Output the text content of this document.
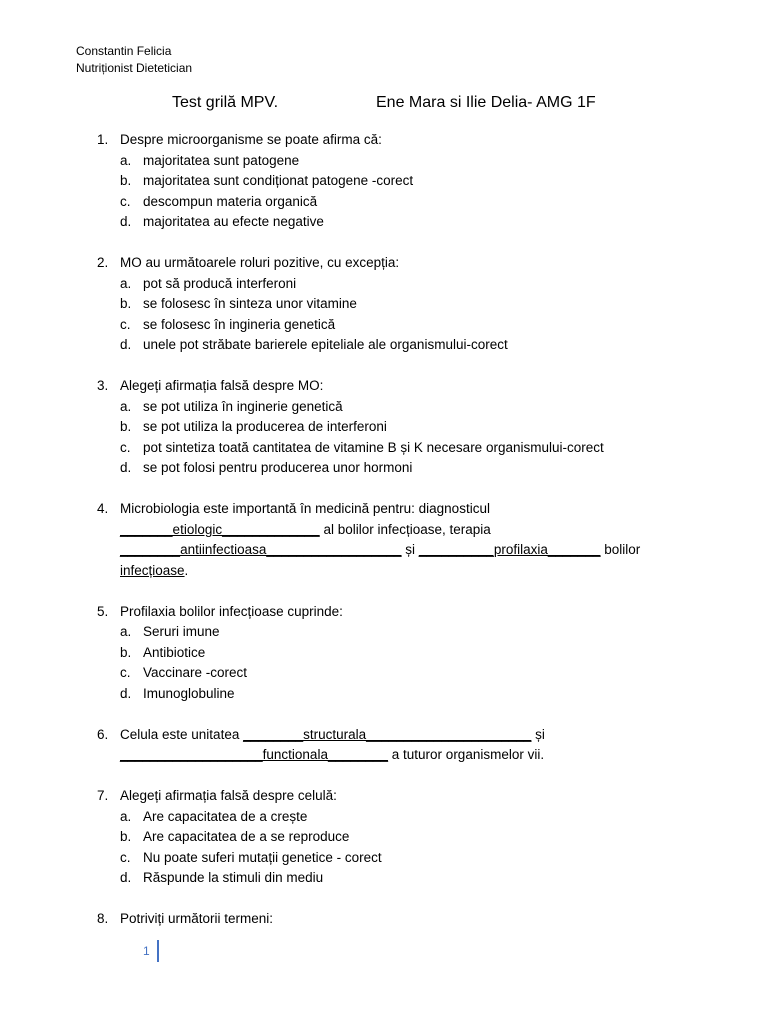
Constantin Felicia
Nutriționist Dietetician
Test grilă MPV.	Ene Mara si Ilie Delia- AMG 1F
1. Despre microorganisme se poate afirma că:
a. majoritatea sunt patogene
b. majoritatea sunt condiționat patogene -corect
c. descompun materia organică
d. majoritatea au efecte negative
2. MO au următoarele roluri pozitive, cu excepția:
a. pot să producă interferoni
b. se folosesc în sinteza unor vitamine
c. se folosesc în ingineria genetică
d. unele pot străbate barierele epiteliale ale organismului-corect
3. Alegeți afirmația falsă despre MO:
a. se pot utiliza în inginerie genetică
b. se pot utiliza la producerea de interferoni
c. pot sintetiza toată cantitatea de vitamine B și K necesare organismului-corect
d. se pot folosi pentru producerea unor hormoni
4. Microbiologia este importantă în medicină pentru: diagnosticul
_______etiologic_____________ al bolilor infecțioase, terapia
________antiinfectioasa__________________ și __________profilaxia_______ bolilor
infecțioase.
5. Profilaxia bolilor infecțioase cuprinde:
a. Seruri imune
b. Antibiotice
c. Vaccinare -corect
d. Imunoglobuline
6. Celula este unitatea ________structurala______________________ și
___________________functionala________ a tuturor organismelor vii.
7. Alegeți afirmația falsă despre celulă:
a. Are capacitatea de a crește
b. Are capacitatea de a se reproduce
c. Nu poate suferi mutații genetice - corect
d. Răspunde la stimuli din mediu
8. Potriviți următorii termeni:
1
